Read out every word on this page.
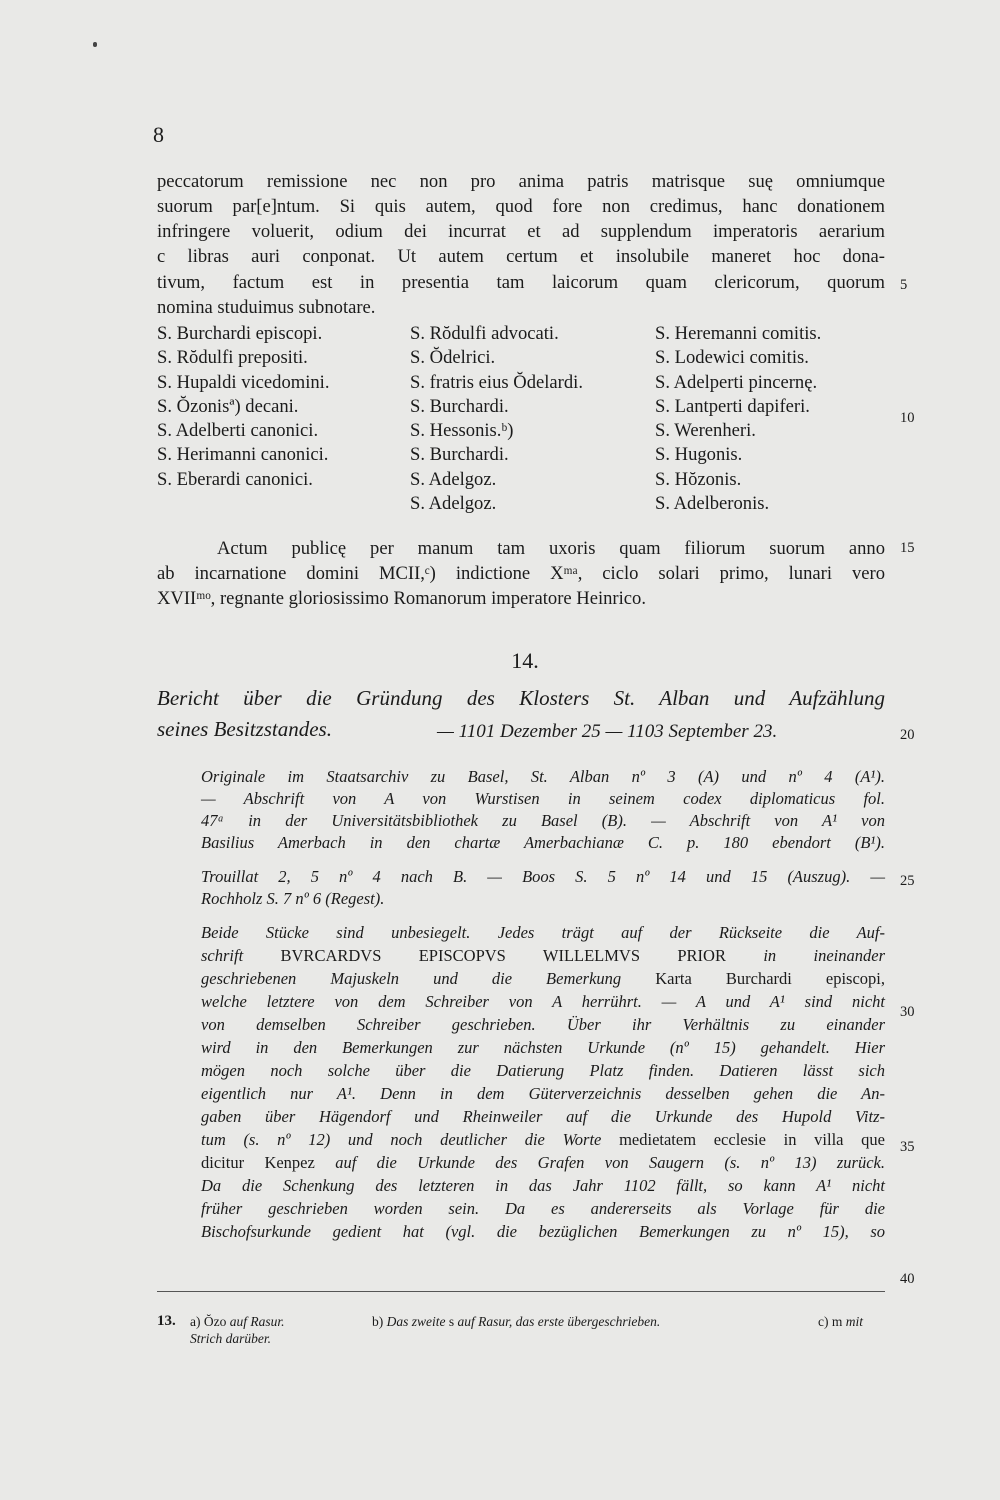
8
peccatorum remissione nec non pro anima patris matrisque suę omniumque
suorum par[e]ntum. Si quis autem, quod fore non credimus, hanc donationem
infringere voluerit, odium dei incurrat et ad supplendum imperatoris aerarium
c libras auri conponat. Ut autem certum et insolubile maneret hoc dona-
tivum, factum est in presentia tam laicorum quam clericorum, quorum
nomina studuimus subnotare.
S. Burchardi episcopi.
S. Rŏdulfi prepositi.
S. Hupaldi vicedomini.
S. Ŏzonisª) decani.
S. Adelberti canonici.
S. Herimanni canonici.
S. Eberardi canonici.
S. Rŏdulfi advocati.
S. Ŏdelrici.
S. fratris eius Ŏdelardi.
S. Burchardi.
S. Hessonis.ᵇ)
S. Burchardi.
S. Adelgoz.
S. Adelgoz.
S. Heremanni comitis.
S. Lodewici comitis.
S. Adelperti pincernę.
S. Lantperti dapiferi.
S. Werenheri.
S. Hugonis.
S. Hŏzonis.
S. Adelberonis.
Actum publicę per manum tam uxoris quam filiorum suorum anno
ab incarnatione domini MCII,ᶜ) indictione Xᵐᵃ, ciclo solari primo, lunari vero
XVIIᵐᵒ, regnante gloriosissimo Romanorum imperatore Heinrico.
14.
Bericht über die Gründung des Klosters St. Alban und Aufzählung
seines Besitzstandes.	— 1101 Dezember 25 — 1103 September 23.
Originale im Staatsarchiv zu Basel, St. Alban nº 3 (A) und nº 4 (A¹).
— Abschrift von A von Wurstisen in seinem codex diplomaticus fol.
47ᵃ in der Universitätsbibliothek zu Basel (B). — Abschrift von A¹ von
Basilius Amerbach in den chartæ Amerbachianæ C. p. 180 ebendort (B¹).
Trouillat 2, 5 nº 4 nach B. — Boos S. 5 nº 14 und 15 (Auszug). —
Rochholz S. 7 nº 6 (Regest).
Beide Stücke sind unbesiegelt. Jedes trägt auf der Rückseite die Auf-
schrift BVRCARDVS EPISCOPVS WILLELMVS PRIOR in ineinander
geschriebenen Majuskeln und die Bemerkung Karta Burchardi episcopi,
welche letztere von dem Schreiber von A herrührt. — A und A¹ sind nicht
von demselben Schreiber geschrieben. Über ihr Verhältnis zu einander
wird in den Bemerkungen zur nächsten Urkunde (nº 15) gehandelt. Hier
mögen noch solche über die Datierung Platz finden. Datieren lässt sich
eigentlich nur A¹. Denn in dem Güterverzeichnis desselben gehen die An-
gaben über Hägendorf und Rheinweiler auf die Urkunde des Hupold Vitz-
tum (s. nº 12) und noch deutlicher die Worte medietatem ecclesie in villa que
dicitur Kenpez auf die Urkunde des Grafen von Saugern (s. nº 13) zurück.
Da die Schenkung des letzteren in das Jahr 1102 fällt, so kann A¹ nicht
früher geschrieben worden sein. Da es andererseits als Vorlage für die
Bischofsurkunde gedient hat (vgl. die bezüglichen Bemerkungen zu nº 15), so
5
10
15
20
25
30
35
40
13. a) Ŏzo auf Rasur.
Strich darüber.
b) Das zweite s auf Rasur, das erste übergeschrieben.	c) m mit
